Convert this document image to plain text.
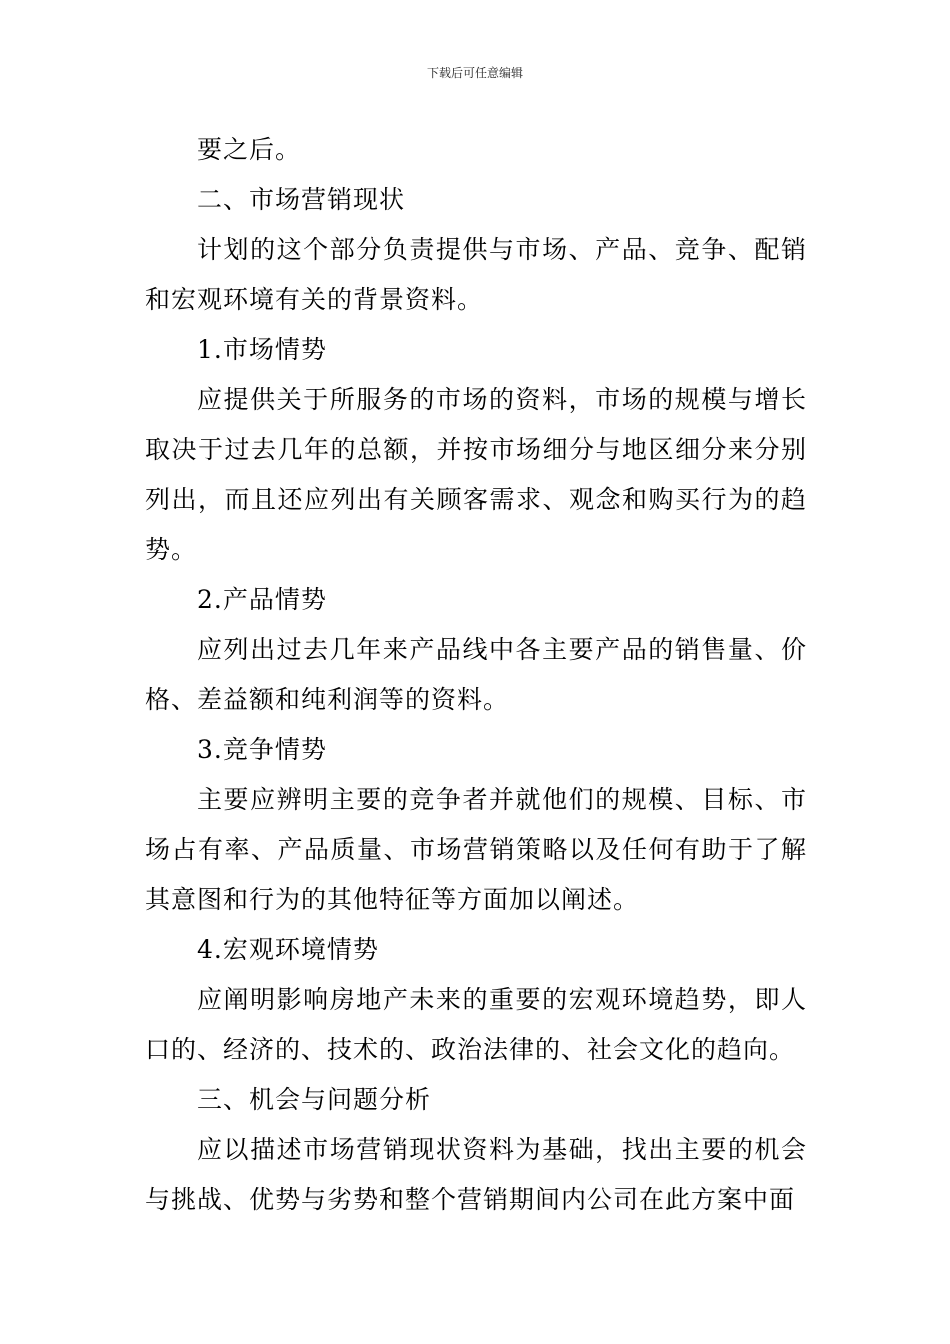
下载后可任意编辑

要之后。

二、市场营销现状

计划的这个部分负责提供与市场、产品、竞争、配销和宏观环境有关的背景资料。

1.市场情势

应提供关于所服务的市场的资料，市场的规模与增长取决于过去几年的总额，并按市场细分与地区细分来分别列出，而且还应列出有关顾客需求、观念和购买行为的趋势。

2.产品情势

应列出过去几年来产品线中各主要产品的销售量、价格、差益额和纯利润等的资料。

3.竞争情势

主要应辨明主要的竞争者并就他们的规模、目标、市场占有率、产品质量、市场营销策略以及任何有助于了解其意图和行为的其他特征等方面加以阐述。

4.宏观环境情势

应阐明影响房地产未来的重要的宏观环境趋势，即人口的、经济的、技术的、政治法律的、社会文化的趋向。

三、机会与问题分析

应以描述市场营销现状资料为基础，找出主要的机会与挑战、优势与劣势和整个营销期间内公司在此方案中面
